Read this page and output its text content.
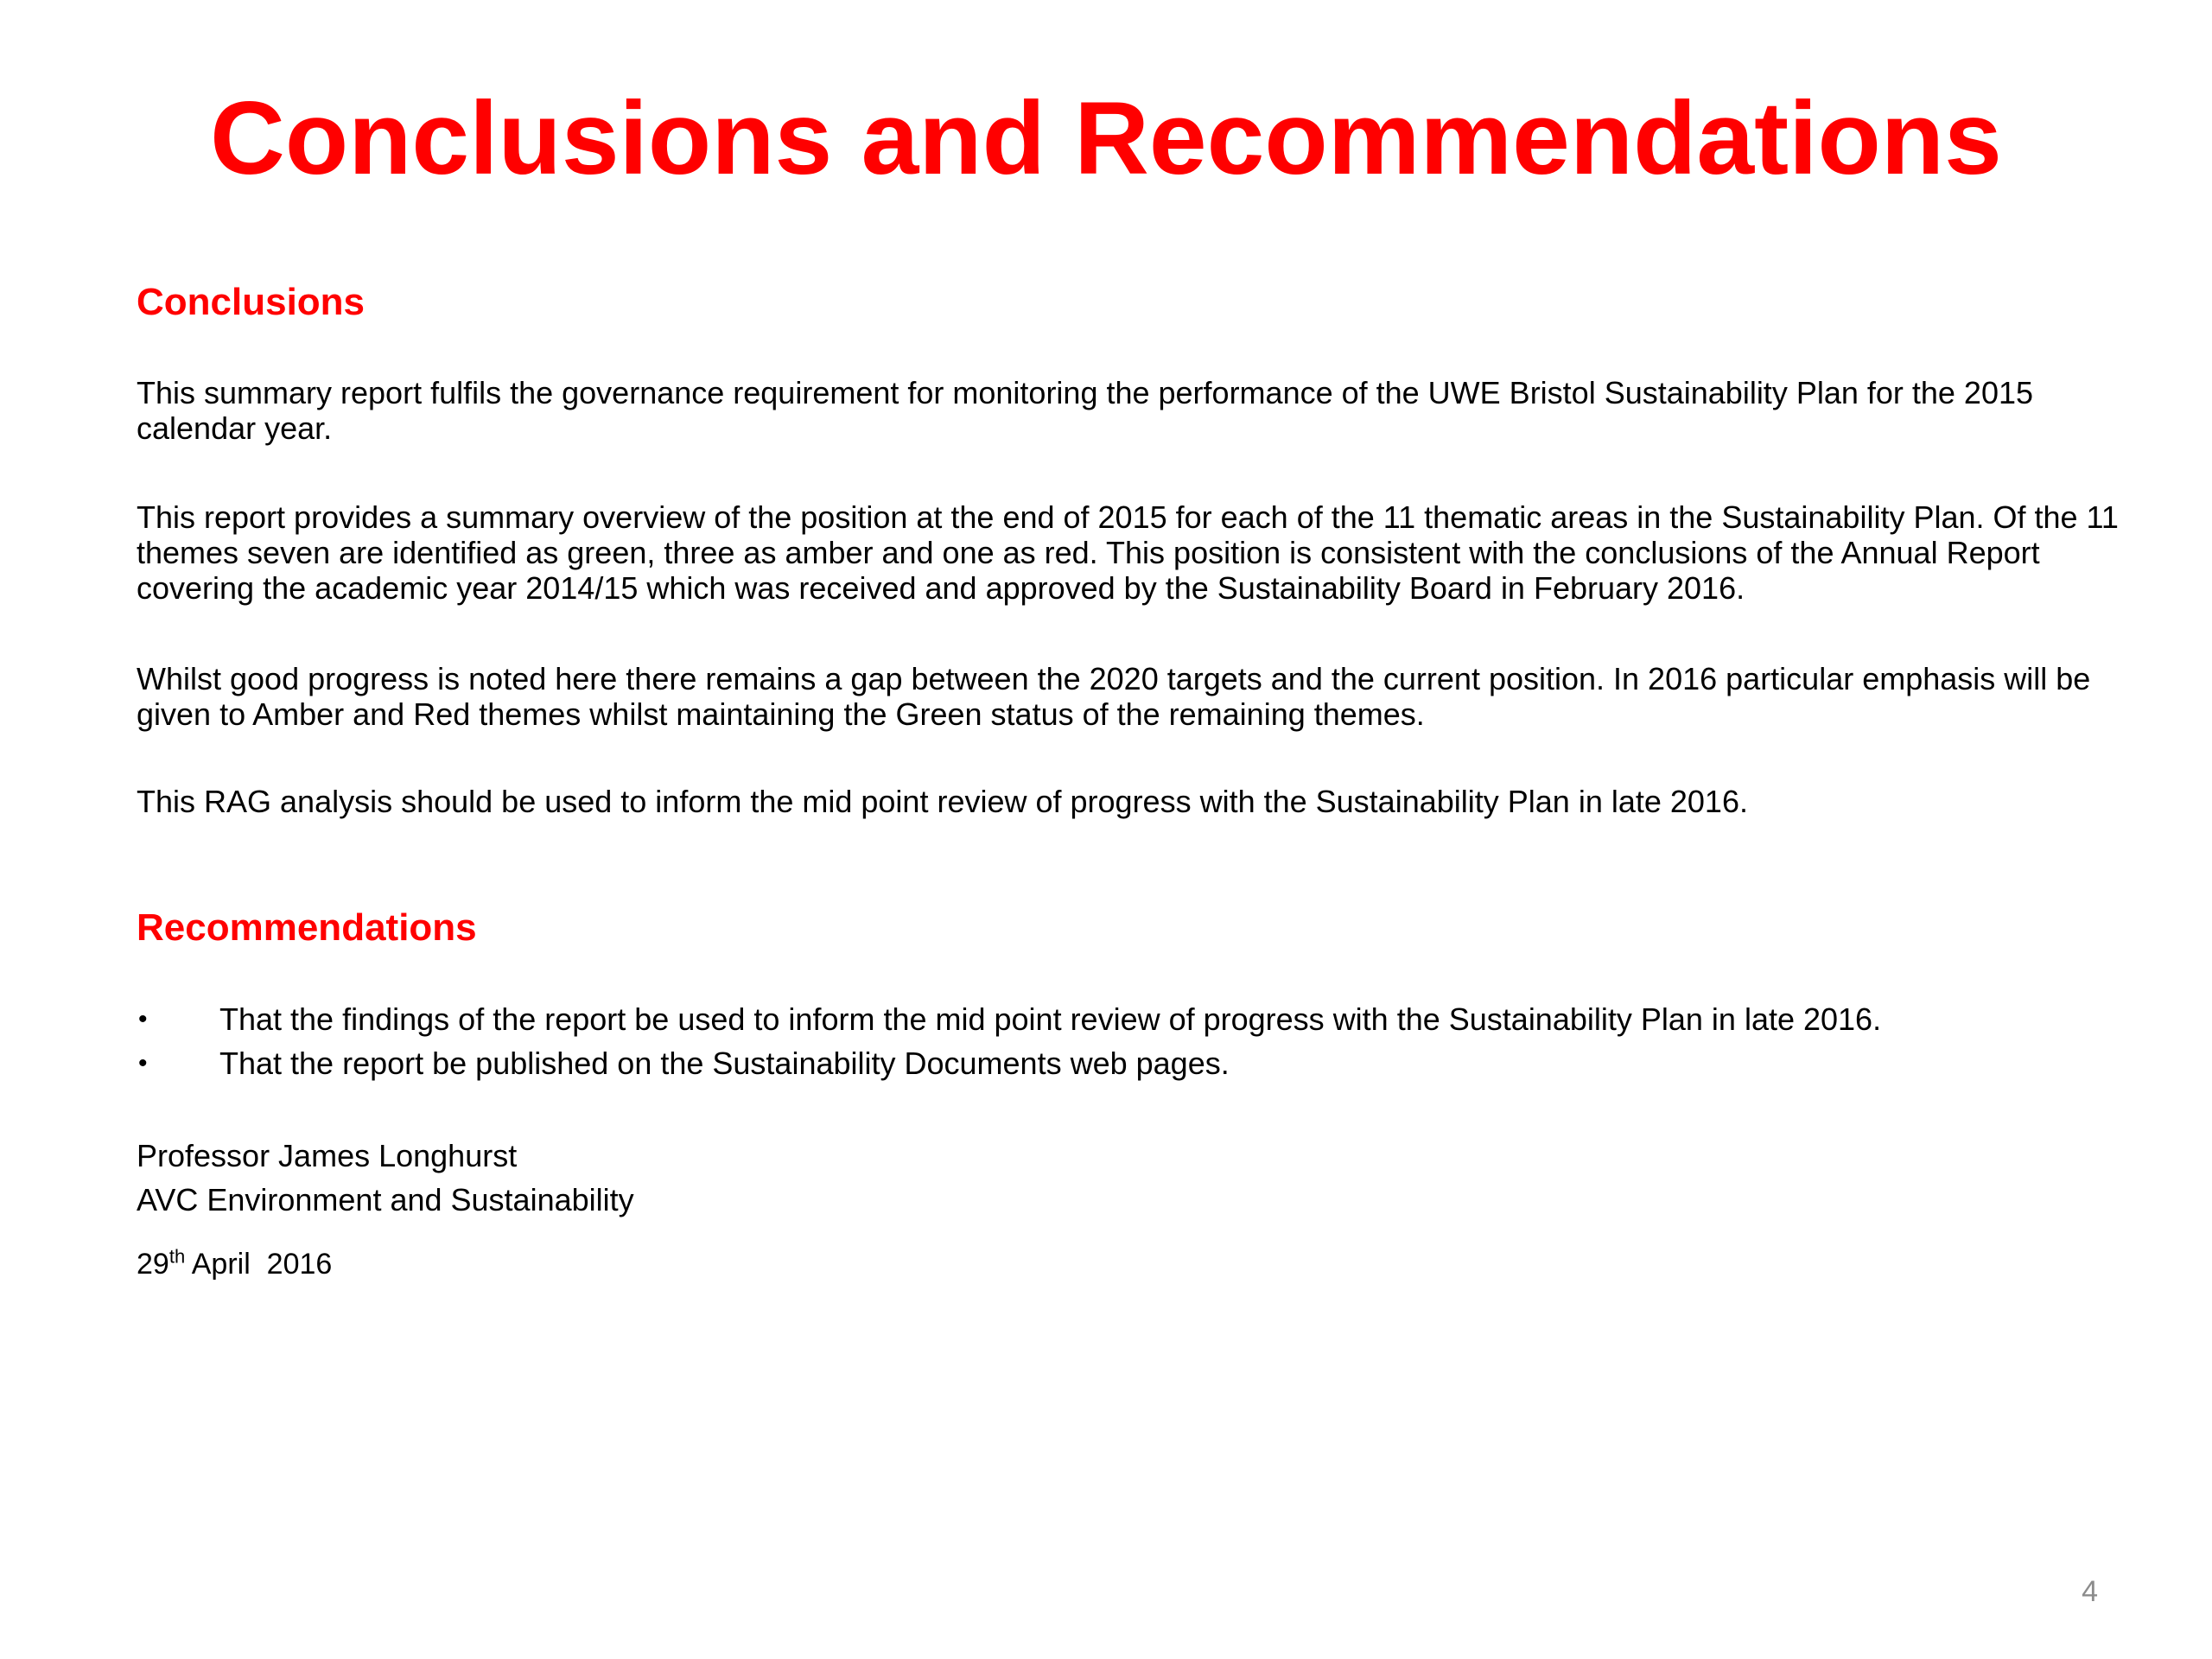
Conclusions and Recommendations
Conclusions

This summary report fulfils the governance requirement for monitoring the performance of the UWE Bristol Sustainability Plan for the 2015 calendar year.

This report provides a summary overview of the position at the end of 2015 for each of the 11 thematic areas in the Sustainability Plan. Of the 11 themes seven are identified as green, three as amber and one as red. This position is consistent with the conclusions of the Annual Report covering the academic year 2014/15 which was received and approved by the Sustainability Board in February 2016.

Whilst good progress is noted here there remains a gap between the 2020 targets and the current position. In 2016 particular emphasis will be given to Amber and Red themes whilst maintaining the Green status of the remaining themes.

This RAG analysis should be used to inform the mid point review of progress with the Sustainability Plan in late 2016.

Recommendations
• That the findings of the report be used to inform the mid point review of progress with the Sustainability Plan in late 2016.
• That the report be published on the Sustainability Documents web pages.

Professor James Longhurst

AVC Environment and Sustainability

29th April  2016

4
